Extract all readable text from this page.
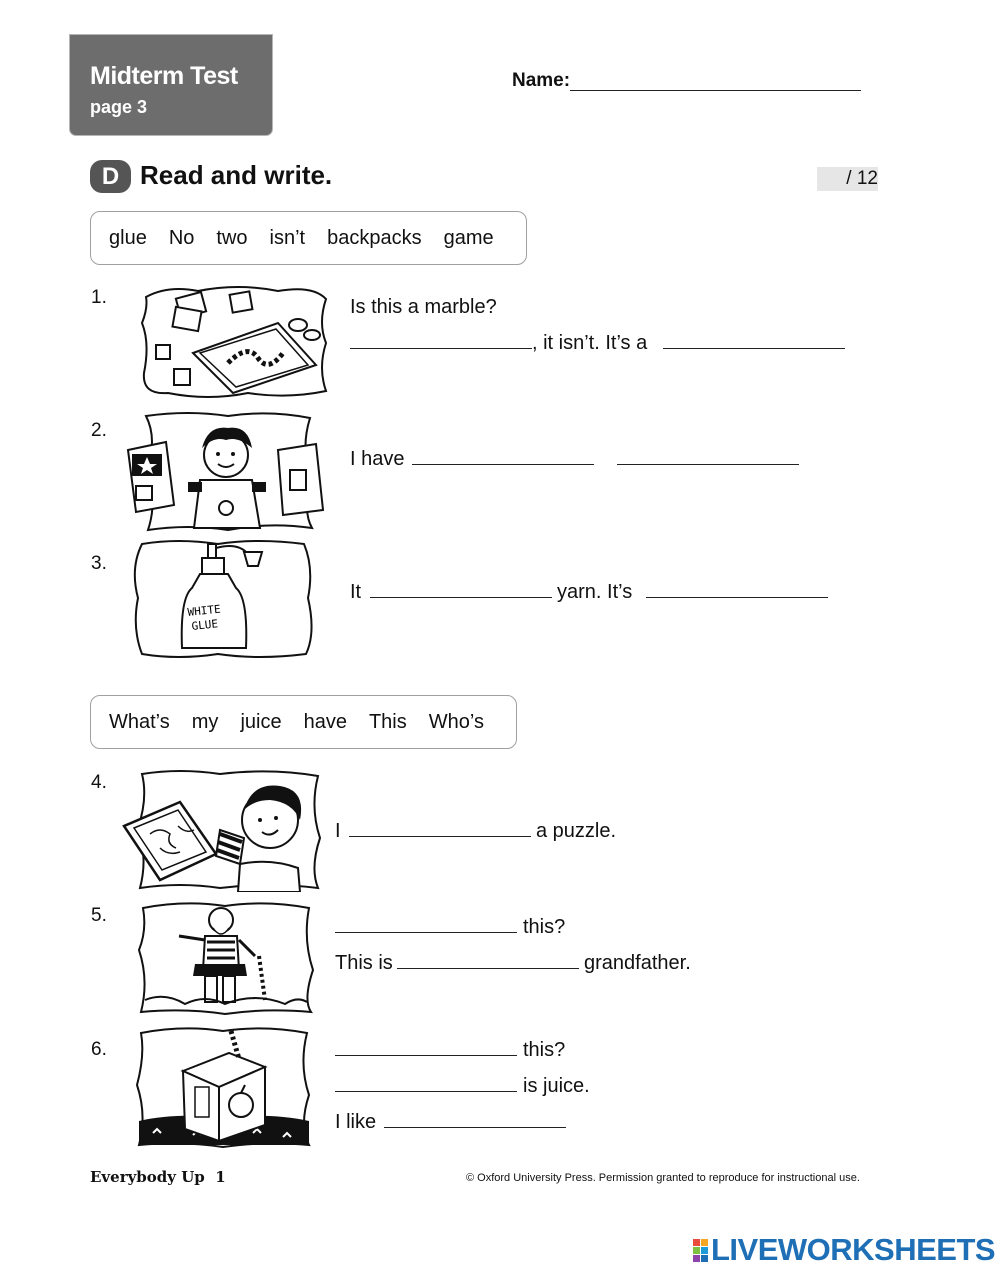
Midterm Test
page 3
Name:
D Read and write.	/ 12
glue No two isn’t backpacks game
1.	Is this a marble?
, it isn’t. It’s a
2.
I have
3.
WHITE
GLUE
It	yarn. It’s
What’s my juice have This Who’s
4.
I	a puzzle.
5.
this?
This is	grandfather.
6.	this?
is juice.
I like
Everybody Up  1	© Oxford University Press. Permission granted to reproduce for instructional use.
LIVEWORKSHEETS
